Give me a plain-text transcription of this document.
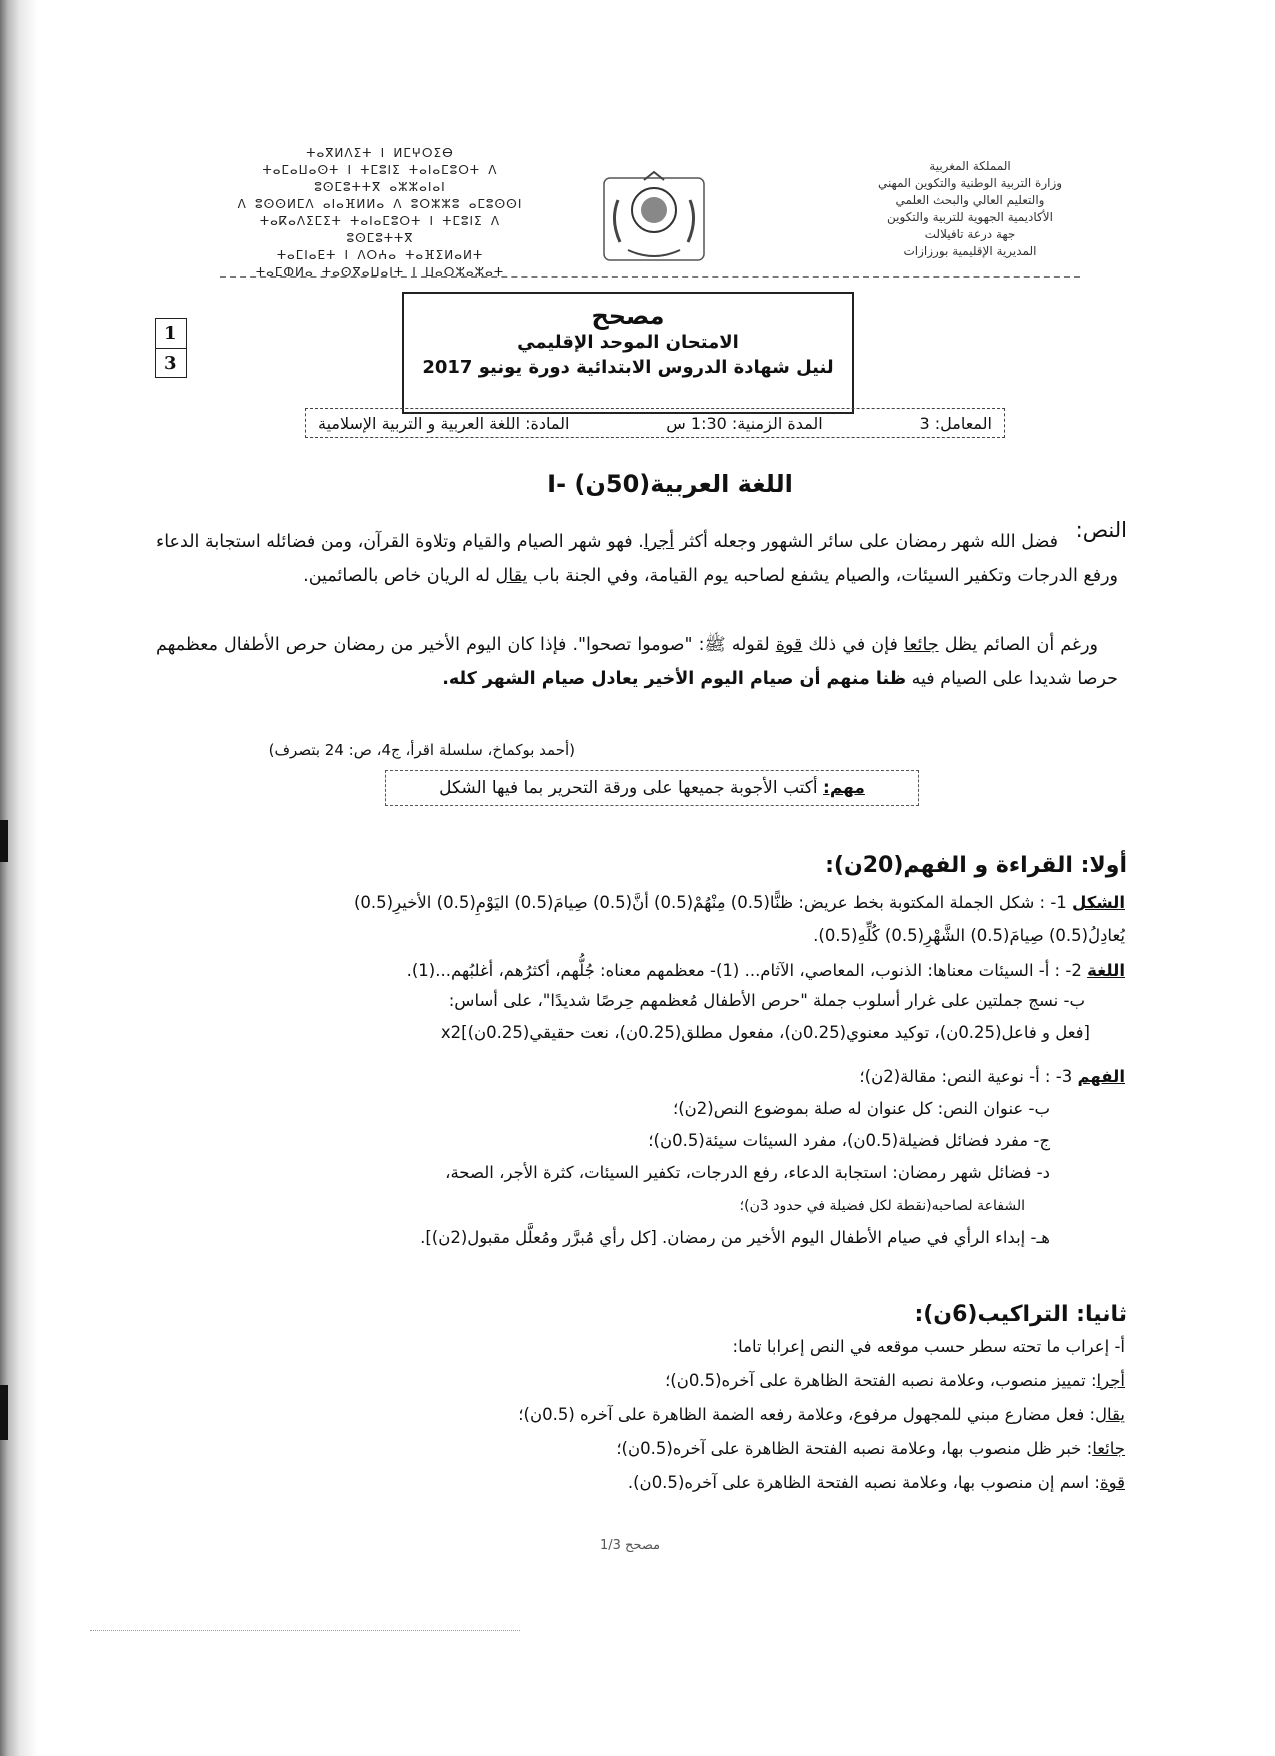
ⵜⴰⴳⵍⴷⵉⵜ ⵏ ⵍⵎⵖⵔⵉⴱ
ⵜⴰⵎⴰⵡⴰⵙⵜ ⵏ ⵜⵎⵓⵏⵉ ⵜⴰⵏⴰⵎⵓⵔⵜ ⴷ ⵓⵙⵎⵓⵜⵜⴳ ⴰⵣⵣⴰⵏⴰⵏ
ⴷ ⵓⵙⵙⵍⵎⴷ ⴰⵏⴰⴼⵍⵍⴰ ⴷ ⵓⵔⵣⵣⵓ ⴰⵎⵓⵙⵙⵏ
ⵜⴰⴽⴰⴷⵉⵎⵉⵜ ⵜⴰⵏⴰⵎⵓⵔⵜ ⵏ ⵜⵎⵓⵏⵉ ⴷ ⵓⵙⵎⵓⵜⵜⴳ
ⵜⴰⵎⵏⴰⴹⵜ ⵏ ⴷⵔⵄⴰ ⵜⴰⴼⵉⵍⴰⵍⵜ
ⵜⴰⵎⵀⵍⴰ ⵜⴰⵙⴳⴰⵡⴰⵏⵜ ⵏ ⵡⴰⵔⵣⴰⵣⴰⵜ
المملكة المغربية
وزارة التربية الوطنية والتكوين المهني
والتعليم العالي والبحث العلمي
الأكاديمية الجهوية للتربية والتكوين
جهة درعة تافيلالت
المديرية الإقليمية بورزازات
1
3
مصحح
الامتحان الموحد الإقليمي
لنيل شهادة الدروس الابتدائية دورة يونيو 2017
المادة: اللغة العربية و التربية الإسلامية	المدة الزمنية: 1:30 س	المعامل: 3
I- اللغة العربية(50ن)
النص:
فضل الله شهر رمضان على سائر الشهور وجعله أكثر أجرا. فهو شهر الصيام والقيام وتلاوة القرآن، ومن فضائله استجابة الدعاء ورفع الدرجات وتكفير السيئات، والصيام يشفع لصاحبه يوم القيامة، وفي الجنة باب يقال له الريان خاص بالصائمين.
ورغم أن الصائم يظل جائعا فإن في ذلك قوة لقوله ﷺ: "صوموا تصحوا". فإذا كان اليوم الأخير من رمضان حرص الأطفال معظمهم حرصا شديدا على الصيام فيه ظنا منهم أن صيام اليوم الأخير يعادل صيام الشهر كله.
(أحمد بوكماخ، سلسلة اقرأ، ج4، ص: 24 بتصرف)
مهم: أكتب الأجوبة جميعها على ورقة التحرير بما فيها الشكل
أولا: القراءة و الفهم(20ن):
الشكل 1- : شكل الجملة المكتوبة بخط عريض: ظنًّا(0.5) مِنْهُمْ(0.5) أنَّ(0.5) صِيامَ(0.5) اليَوْمِ(0.5) الأخيرِ(0.5)
يُعادِلُ(0.5) صِيامَ(0.5) الشَّهْرِ(0.5) كُلِّهِ(0.5).
اللغة 2- : أ- السيئات معناها: الذنوب، المعاصي، الآثام... (1)- معظمهم معناه: جُلُّهم، أكثرُهم، أغلبُهم...(1).
ب- نسج جملتين على غرار أسلوب جملة "حرص الأطفال مُعظمهم حِرصًا شديدًا"، على أساس:
[فعل و فاعل(0.25ن)، توكيد معنوي(0.25ن)، مفعول مطلق(0.25ن)، نعت حقيقي(0.25ن)]x2
الفهم 3- : أ- نوعية النص: مقالة(2ن)؛
ب- عنوان النص: كل عنوان له صلة بموضوع النص(2ن)؛
ج- مفرد فضائل فضيلة(0.5ن)، مفرد السيئات سيئة(0.5ن)؛
د- فضائل شهر رمضان: استجابة الدعاء، رفع الدرجات، تكفير السيئات، كثرة الأجر، الصحة،
الشفاعة لصاحبه(نقطة لكل فضيلة في حدود 3ن)؛
هـ- إبداء الرأي في صيام الأطفال اليوم الأخير من رمضان. [كل رأي مُبرَّر ومُعلَّل مقبول(2ن)].
ثانيا: التراكيب(6ن):
أ- إعراب ما تحته سطر حسب موقعه في النص إعرابا تاما:
أجرا: تمييز منصوب، وعلامة نصبه الفتحة الظاهرة على آخره(0.5ن)؛
يقال: فعل مضارع مبني للمجهول مرفوع، وعلامة رفعه الضمة الظاهرة على آخره (0.5ن)؛
جائعا: خبر ظل منصوب بها، وعلامة نصبه الفتحة الظاهرة على آخره(0.5ن)؛
قوة: اسم إن منصوب بها، وعلامة نصبه الفتحة الظاهرة على آخره(0.5ن).
مصحح 1/3
